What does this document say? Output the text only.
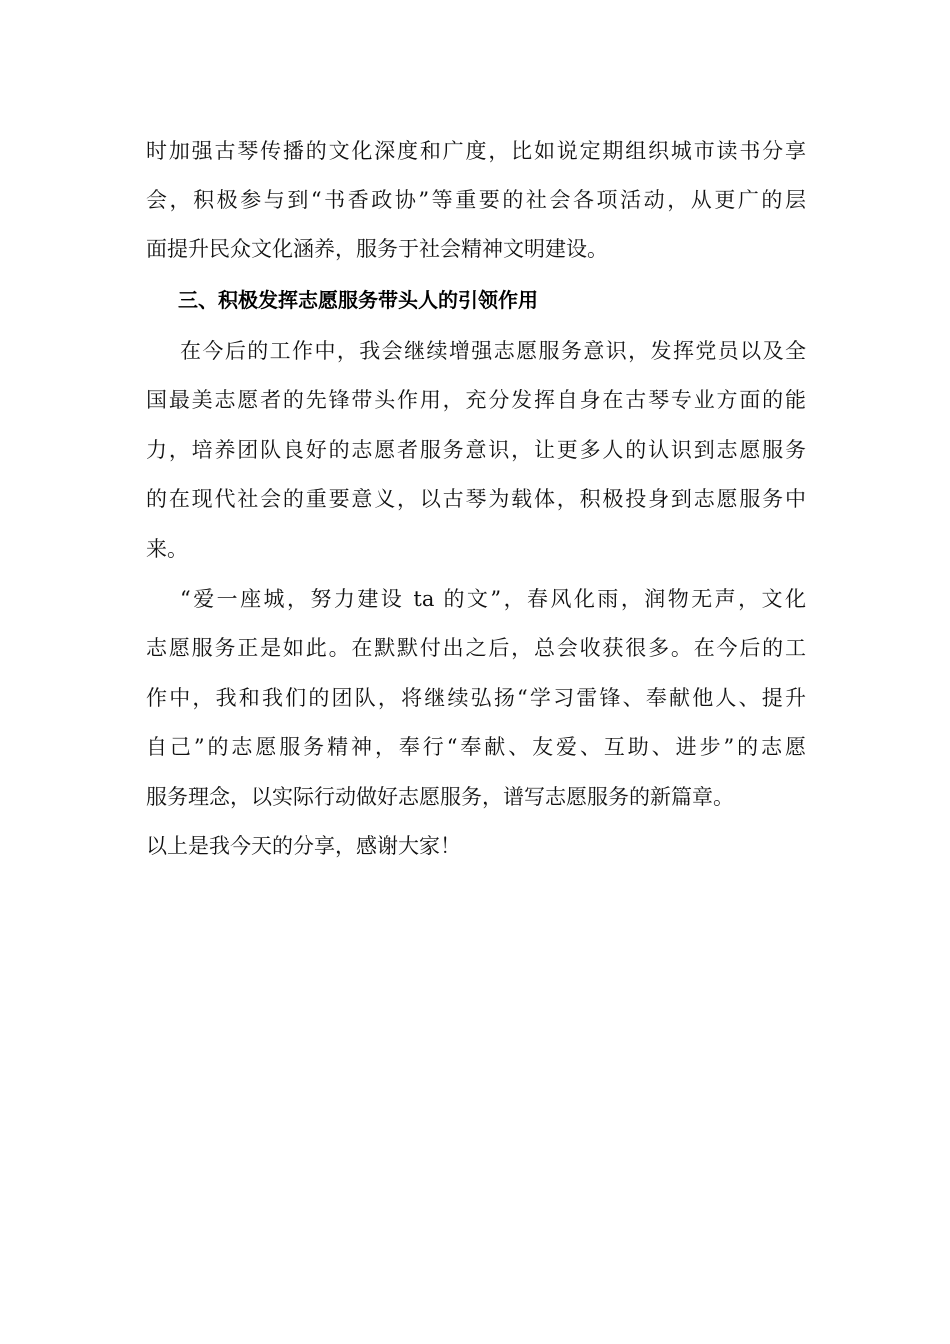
时加强古琴传播的文化深度和广度，比如说定期组织城市读书分享
会，积极参与到“书香政协”等重要的社会各项活动，从更广的层
面提升民众文化涵养，服务于社会精神文明建设。
三、积极发挥志愿服务带头人的引领作用
在今后的工作中，我会继续增强志愿服务意识，发挥党员以及全
国最美志愿者的先锋带头作用，充分发挥自身在古琴专业方面的能
力，培养团队良好的志愿者服务意识，让更多人的认识到志愿服务
的在现代社会的重要意义，以古琴为载体，积极投身到志愿服务中
来。
“爱一座城，努力建设 ta 的文”，春风化雨，润物无声，文化
志愿服务正是如此。在默默付出之后，总会收获很多。在今后的工
作中，我和我们的团队，将继续弘扬“学习雷锋、奉献他人、提升
自己”的志愿服务精神，奉行“奉献、友爱、互助、进步”的志愿
服务理念，以实际行动做好志愿服务，谱写志愿服务的新篇章。
以上是我今天的分享，感谢大家！
